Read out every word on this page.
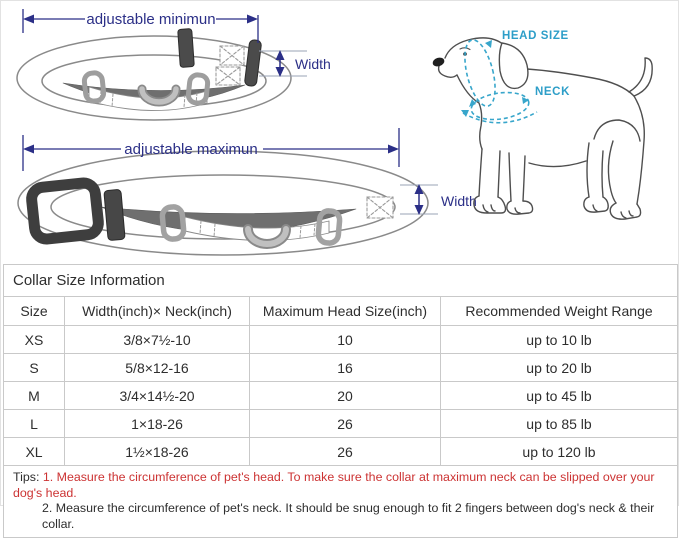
adjustable minimun
Width
adjustable maximun
Width
HEAD SIZE
NECK
Collar Size Information			
Size	Width(inch)× Neck(inch)	Maximum Head Size(inch)	Recommended Weight Range
XS	3/8×7½-10	10	up to 10 lb
S	5/8×12-16	16	up to 20 lb
M	3/4×14½-20	20	up to 45 lb
L	1×18-26	26	up to 85 lb
XL	1½×18-26	26	up to 120 lb

Tips: 1. Measure the circumference of pet's head. To make sure the collar at maximum neck can be slipped over your dog's head.
2. Measure the circumference of pet's neck. It should be snug enough to fit 2 fingers between dog's neck & their collar.			
